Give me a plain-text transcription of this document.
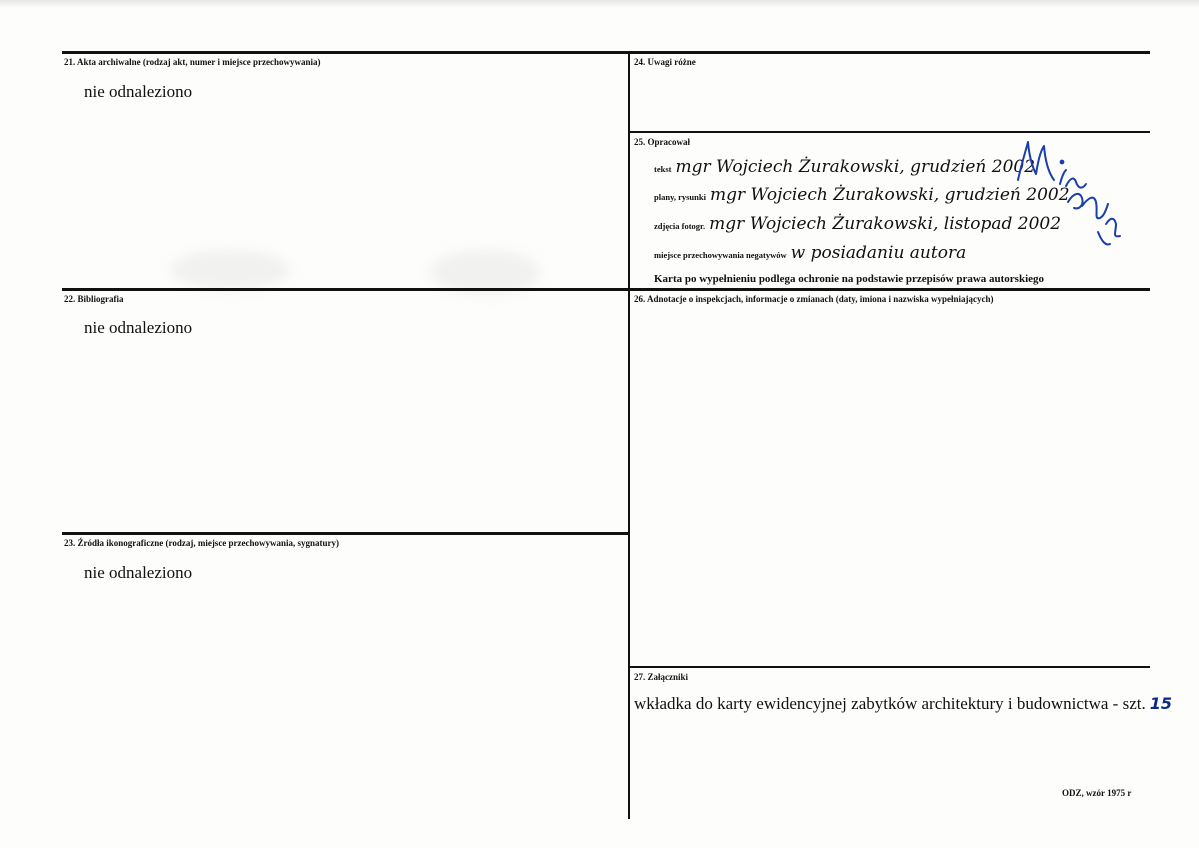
21. Akta archiwalne (rodzaj akt, numer i miejsce przechowywania)
nie odnaleziono
22. Bibliografia
nie odnaleziono
23. Źródła ikonograficzne (rodzaj, miejsce przechowywania, sygnatury)
nie odnaleziono
24. Uwagi różne
25. Opracował
tekst mgr Wojciech Żurakowski, grudzień 2002
plany, rysunki mgr Wojciech Żurakowski, grudzień 2002
zdjęcia fotogr. mgr Wojciech Żurakowski, listopad 2002
miejsce przechowywania negatywów w posiadaniu autora
Karta po wypełnieniu podlega ochronie na podstawie przepisów prawa autorskiego
26. Adnotacje o inspekcjach, informacje o zmianach (daty, imiona i nazwiska wypełniających)
27. Załączniki
wkładka do karty ewidencyjnej zabytków architektury i budownictwa - szt. 15
ODZ, wzór 1975 r
